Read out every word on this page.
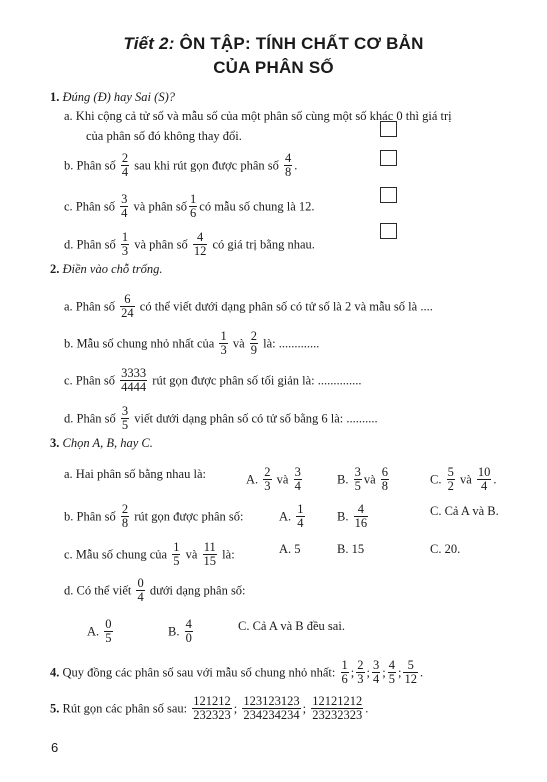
Tiết 2: ÔN TẬP: TÍNH CHẤT CƠ BẢN
CỦA PHÂN SỐ
1. Đúng (Đ) hay Sai (S)?
a. Khi cộng cả tử số và mẫu số của một phân số cùng một số khác 0 thì giá trị
của phân số đó không thay đổi.
b. Phân số $\frac{2}{4}$ sau khi rút gọn được phân số $\frac{4}{8}$ .
c. Phân số $\frac{3}{4}$ và phân số $\frac{1}{6}$ có mẫu số chung là 12.
d. Phân số $\frac{1}{3}$ và phân số $\frac{4}{12}$ có giá trị bằng nhau.
2. Điền vào chỗ trống.
a. Phân số $\frac{6}{24}$ có thể viết dưới dạng phân số có tử số là 2 và mẫu số là ....
b. Mẫu số chung nhỏ nhất của $\frac{1}{3}$ và $\frac{2}{9}$ là: .............
c. Phân số $\frac{3333}{4444}$ rút gọn được phân số tối giản là: ..............
d. Phân số $\frac{3}{5}$ viết dưới dạng phân số có tử số bằng 6 là: ..........
3. Chọn A, B, hay C.
a. Hai phân số bằng nhau là:	A. $\frac{2}{3}$ và $\frac{3}{4}$	B. $\frac{3}{5}$ và $\frac{6}{8}$	C. $\frac{5}{2}$ và $\frac{10}{4}$ .
b. Phân số $\frac{2}{8}$ rút gọn được phân số:	A. $\frac{1}{4}$	B. $\frac{4}{16}$	C. Cả A và B.
c. Mẫu số chung của $\frac{1}{5}$ và $\frac{11}{15}$ là:	A. 5	B. 15	C. 20.
d. Có thể viết $\frac{0}{4}$ dưới dạng phân số:
A. $\frac{0}{5}$	B. $\frac{4}{0}$	C. Cả A và B đều sai.
4. Quy đồng các phân số sau với mẫu số chung nhỏ nhất: $\frac{1}{6}$ ; $\frac{2}{3}$ ; $\frac{3}{4}$ ; $\frac{4}{5}$ ; $\frac{5}{12}$ .
5. Rút gọn các phân số sau: $\frac{121212}{232323}$ ; $\frac{123123123}{234234234}$ ; $\frac{12121212}{23232323}$ .
6
